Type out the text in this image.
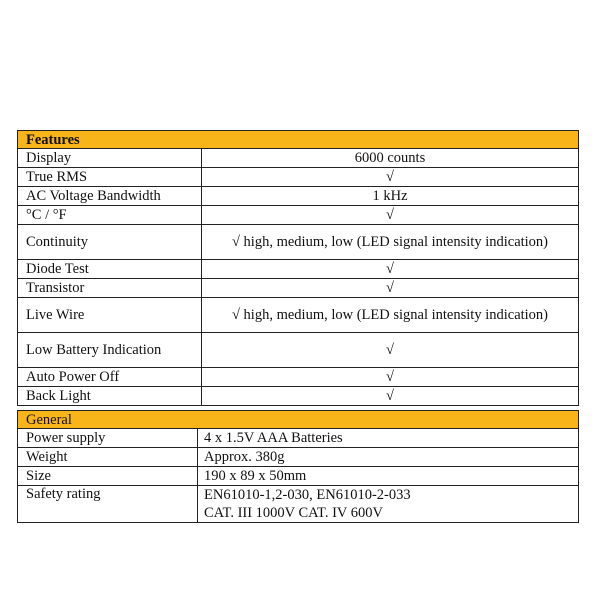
Features	
Display	6000 counts
True RMS	√
AC Voltage Bandwidth	1 kHz
°C / °F	√
Continuity	√ high, medium, low (LED signal intensity indication)
Diode Test	√
Transistor	√
Live Wire	√ high, medium, low (LED signal intensity indication)
Low Battery Indication	√
Auto Power Off	√
Back Light	√
General	
Power supply	4 x 1.5V AAA Batteries
Weight	Approx. 380g
Size	190 x 89 x 50mm
Safety rating	EN61010-1,2-030, EN61010-2-033
CAT. III 1000V CAT. IV 600V
